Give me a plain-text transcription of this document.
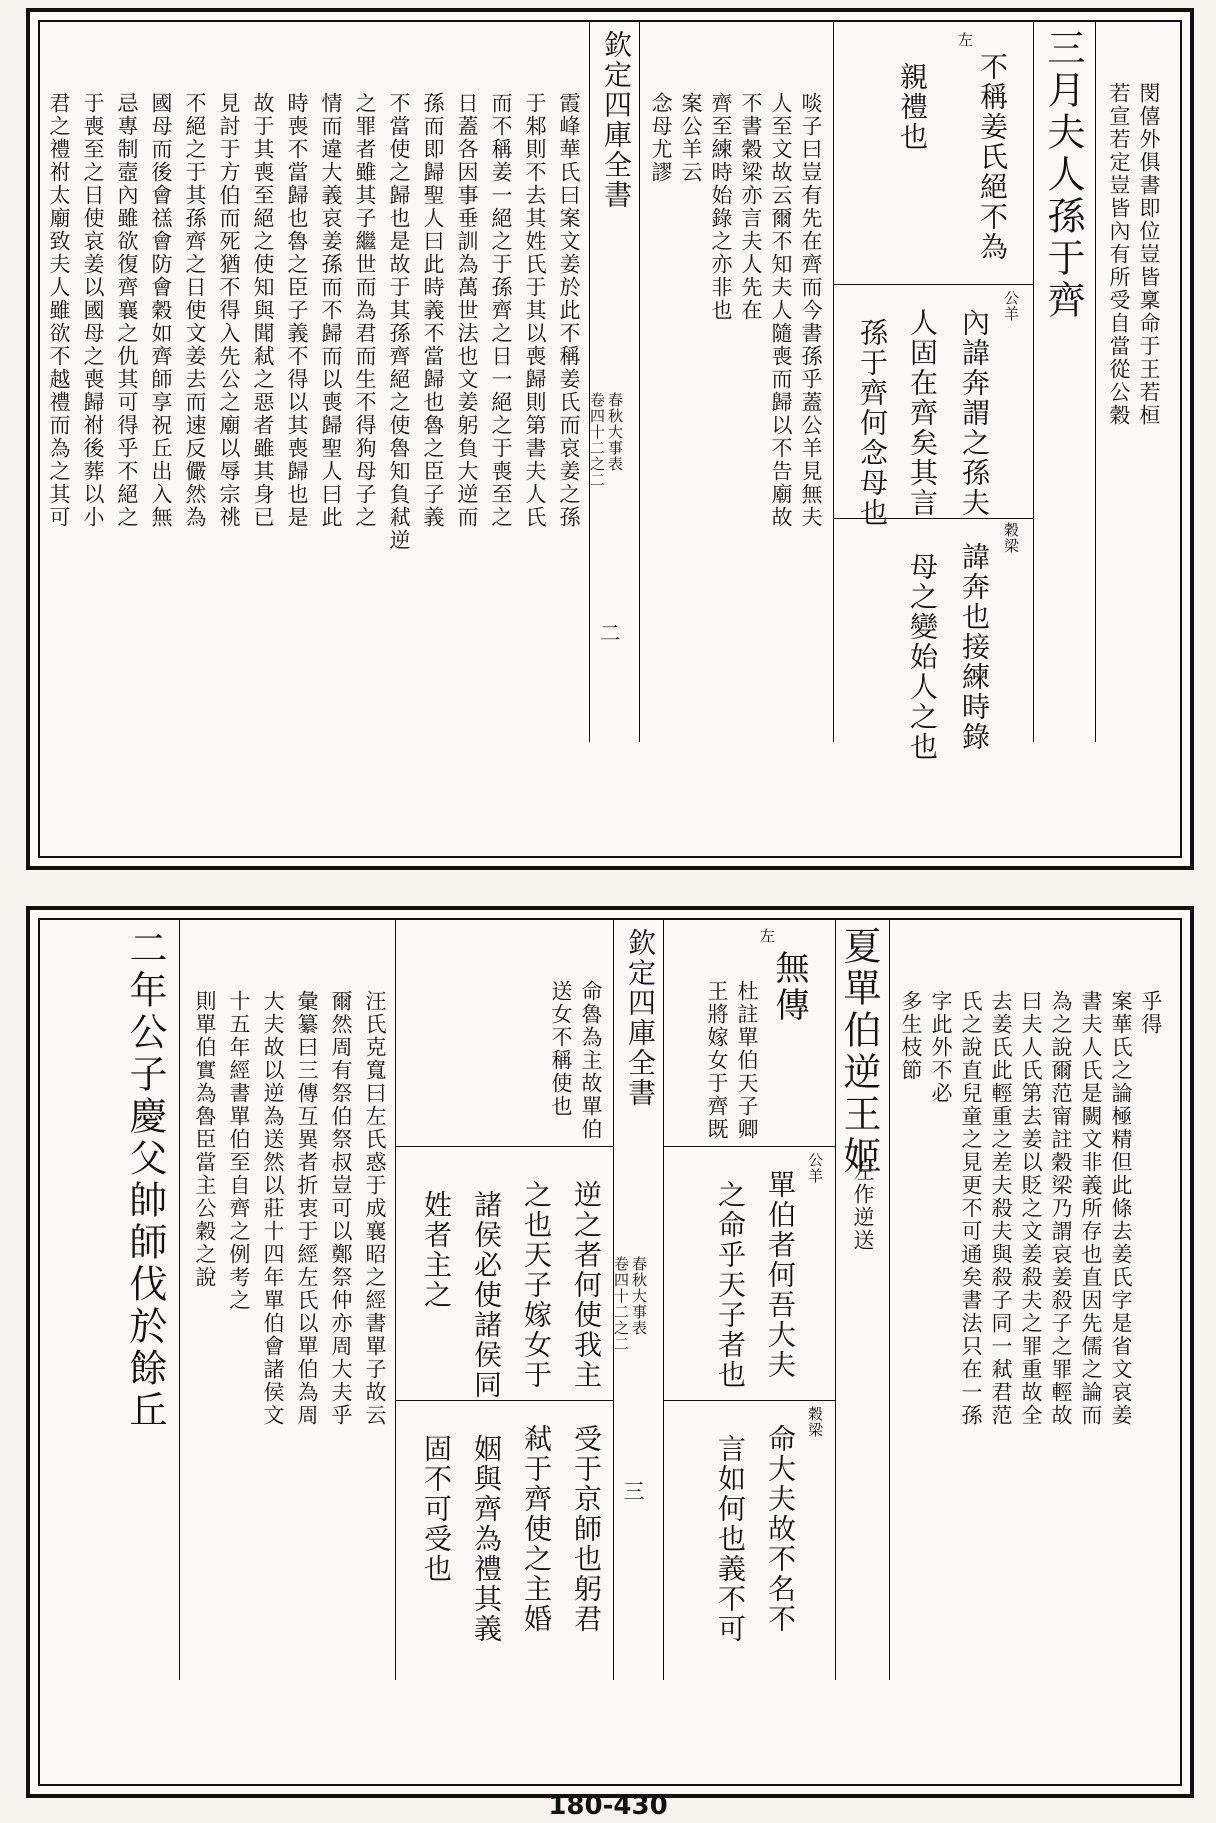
閔僖外俱書即位豈皆稟命于王若桓
若宣若定豈皆內有所受自當從公穀
三月夫人孫于齊
左
不稱姜氏絕不為
親禮也
公羊
內諱奔謂之孫夫
人固在齊矣其言
孫于齊何念母也
穀梁
諱奔也接練時錄
母之變始人之也
啖子曰豈有先在齊而今書孫乎蓋公羊見無夫
人至文故云爾不知夫人隨喪而歸以不告廟故
不書穀梁亦言夫人先在
齊至練時始錄之亦非也
案公羊云
念母尤謬
欽定四庫全書
春秋大事表
卷四十二之二
二
霞峰華氏曰案文姜於此不稱姜氏而哀姜之孫
于邾則不去其姓氏于其以喪歸則第書夫人氏
而不稱姜一絕之于孫齊之日一絕之于喪至之
日蓋各因事垂訓為萬世法也文姜躬負大逆而
孫而即歸聖人曰此時義不當歸也魯之臣子義
不當使之歸也是故于其孫齊絕之使魯知負弒逆
之罪者雖其子繼世而為君而生不得狗母子之
情而違大義哀姜孫而不歸而以喪歸聖人曰此
時喪不當歸也魯之臣子義不得以其喪歸也是
故于其喪至絕之使知與聞弒之惡者雖其身已
見討于方伯而死猶不得入先公之廟以辱宗祧
不絕之于其孫齊之日使文姜去而速反儼然為
國母而後會禚會防會穀如齊師享祝丘出入無
忌專制壼內雖欲復齊襄之仇其可得乎不絕之
于喪至之日使哀姜以國母之喪歸祔後葬以小
君之禮祔太廟致夫人雖欲不越禮而為之其可
乎得
案華氏之論極精但此條去姜氏字是省文哀姜
書夫人氏是闕文非義所存也直因先儒之論而
為之說爾范甯註穀梁乃謂哀姜殺子之罪輕故
曰夫人氏第去姜以貶之文姜殺夫之罪重故全
去姜氏此輕重之差夫殺夫與殺子同一弒君范
氏之說直兒童之見更不可通矣書法只在一孫
字此外不必
多生枝節
夏單伯逆王姬
左作逆送
左
無傳
杜註單伯天子卿
王將嫁女于齊既
公羊
單伯者何吾大夫
之命乎天子者也
穀梁
命大夫故不名不
言如何也義不可
欽定四庫全書
春秋大事表
卷四十二之二
三
命魯為主故單伯
送女不稱使也
逆之者何使我主
之也天子嫁女于
諸侯必使諸侯同
姓者主之
受于京師也躬君
弒于齊使之主婚
姻與齊為禮其義
固不可受也
汪氏克寬曰左氏惑于成襄昭之經書單子故云
爾然周有祭伯祭叔豈可以鄭祭仲亦周大夫乎
彙纂曰三傳互異者折衷于經左氏以單伯為周
大夫故以逆為送然以莊十四年單伯會諸侯文
十五年經書單伯至自齊之例考之
則單伯實為魯臣當主公穀之說
二年公子慶父帥師伐於餘丘
180-430
